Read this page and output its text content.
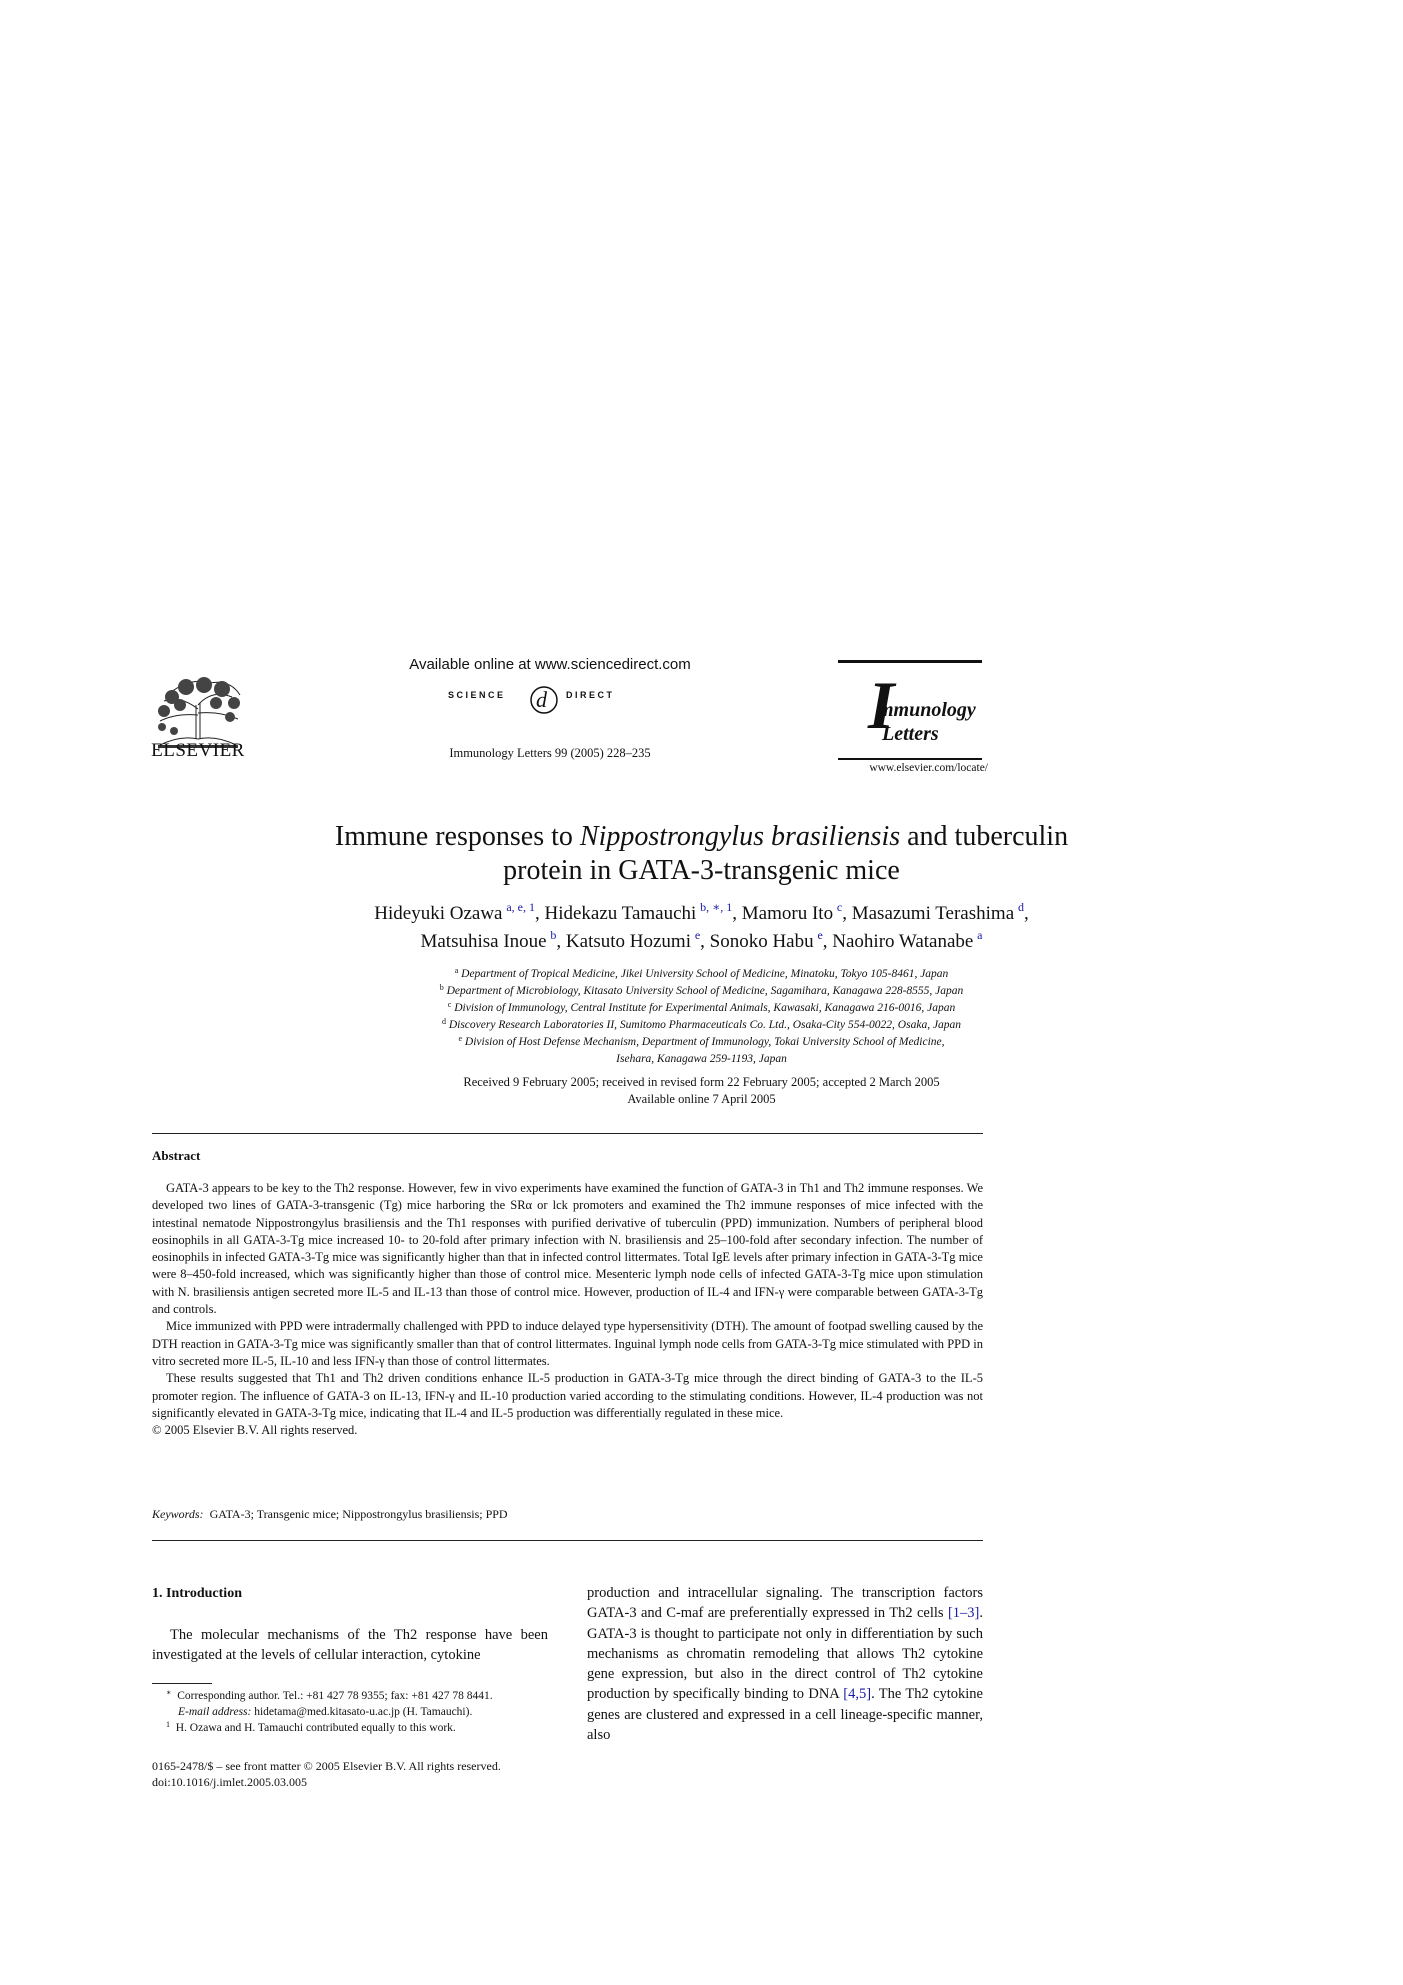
ELSEVIER
Available online at www.sciencedirect.com
SCIENCE d DIRECT
Immunology Letters 99 (2005) 228–235
I
mmunology
Letters
www.elsevier.com/locate/
Immune responses to Nippostrongylus brasiliensis and tuberculin
protein in GATA-3-transgenic mice
Hideyuki Ozawa  $^{a, e, 1}$, Hidekazu Tamauchi  $^{b, ∗, 1}$, Mamoru Ito  $^c$, Masazumi Terashima  $^d$,
Matsuhisa Inoue  $^b$, Katsuto Hozumi  $^e$, Sonoko Habu  $^e$, Naohiro Watanabe  $^a$
$^a$ Department of Tropical Medicine, Jikei University School of Medicine, Minatoku, Tokyo 105-8461, Japan
$^b$ Department of Microbiology, Kitasato University School of Medicine, Sagamihara, Kanagawa 228-8555, Japan
$^c$ Division of Immunology, Central Institute for Experimental Animals, Kawasaki, Kanagawa 216-0016, Japan
$^d$ Discovery Research Laboratories II, Sumitomo Pharmaceuticals Co. Ltd., Osaka-City 554-0022, Osaka, Japan
$^e$ Division of Host Defense Mechanism, Department of Immunology, Tokai University School of Medicine,
Isehara, Kanagawa 259-1193, Japan
Received 9 February 2005; received in revised form 22 February 2005; accepted 2 March 2005
Available online 7 April 2005
Abstract

GATA-3 appears to be key to the Th2 response. However, few in vivo experiments have examined the function of GATA-3 in Th1 and Th2 immune responses. We developed two lines of GATA-3-transgenic (Tg) mice harboring the SRα or lck promoters and examined the Th2 immune responses of mice infected with the intestinal nematode Nippostrongylus brasiliensis and the Th1 responses with purified derivative of tuberculin (PPD) immunization. Numbers of peripheral blood eosinophils in all GATA-3-Tg mice increased 10- to 20-fold after primary infection with N. brasiliensis and 25–100-fold after secondary infection. The number of eosinophils in infected GATA-3-Tg mice was significantly higher than that in infected control littermates. Total IgE levels after primary infection in GATA-3-Tg mice were 8–450-fold increased, which was significantly higher than those of control mice. Mesenteric lymph node cells of infected GATA-3-Tg mice upon stimulation with N. brasiliensis antigen secreted more IL-5 and IL-13 than those of control mice. However, production of IL-4 and IFN-γ were comparable between GATA-3-Tg and controls.

Mice immunized with PPD were intradermally challenged with PPD to induce delayed type hypersensitivity (DTH). The amount of footpad swelling caused by the DTH reaction in GATA-3-Tg mice was significantly smaller than that of control littermates. Inguinal lymph node cells from GATA-3-Tg mice stimulated with PPD in vitro secreted more IL-5, IL-10 and less IFN-γ than those of control littermates.

These results suggested that Th1 and Th2 driven conditions enhance IL-5 production in GATA-3-Tg mice through the direct binding of GATA-3 to the IL-5 promoter region. The influence of GATA-3 on IL-13, IFN-γ and IL-10 production varied according to the stimulating conditions. However, IL-4 production was not significantly elevated in GATA-3-Tg mice, indicating that IL-4 and IL-5 production was differentially regulated in these mice.

© 2005 Elsevier B.V. All rights reserved.

Keywords: GATA-3; Transgenic mice; Nippostrongylus brasiliensis; PPD
1. Introduction

The molecular mechanisms of the Th2 response have been investigated at the levels of cellular interaction, cytokine

production and intracellular signaling. The transcription factors GATA-3 and C-maf are preferentially expressed in Th2 cells [1–3]. GATA-3 is thought to participate not only in differentiation by such mechanisms as chromatin remodeling that allows Th2 cytokine gene expression, but also in the direct control of Th2 cytokine production by specifically binding to DNA [4,5]. The Th2 cytokine genes are clustered and expressed in a cell lineage-specific manner, also

∗ Corresponding author. Tel.: +81 427 78 9355; fax: +81 427 78 8441.

E-mail address: hidetama@med.kitasato-u.ac.jp (H. Tamauchi).

$^1$ H. Ozawa and H. Tamauchi contributed equally to this work.

0165-2478/$ – see front matter © 2005 Elsevier B.V. All rights reserved.
doi:10.1016/j.imlet.2005.03.005
